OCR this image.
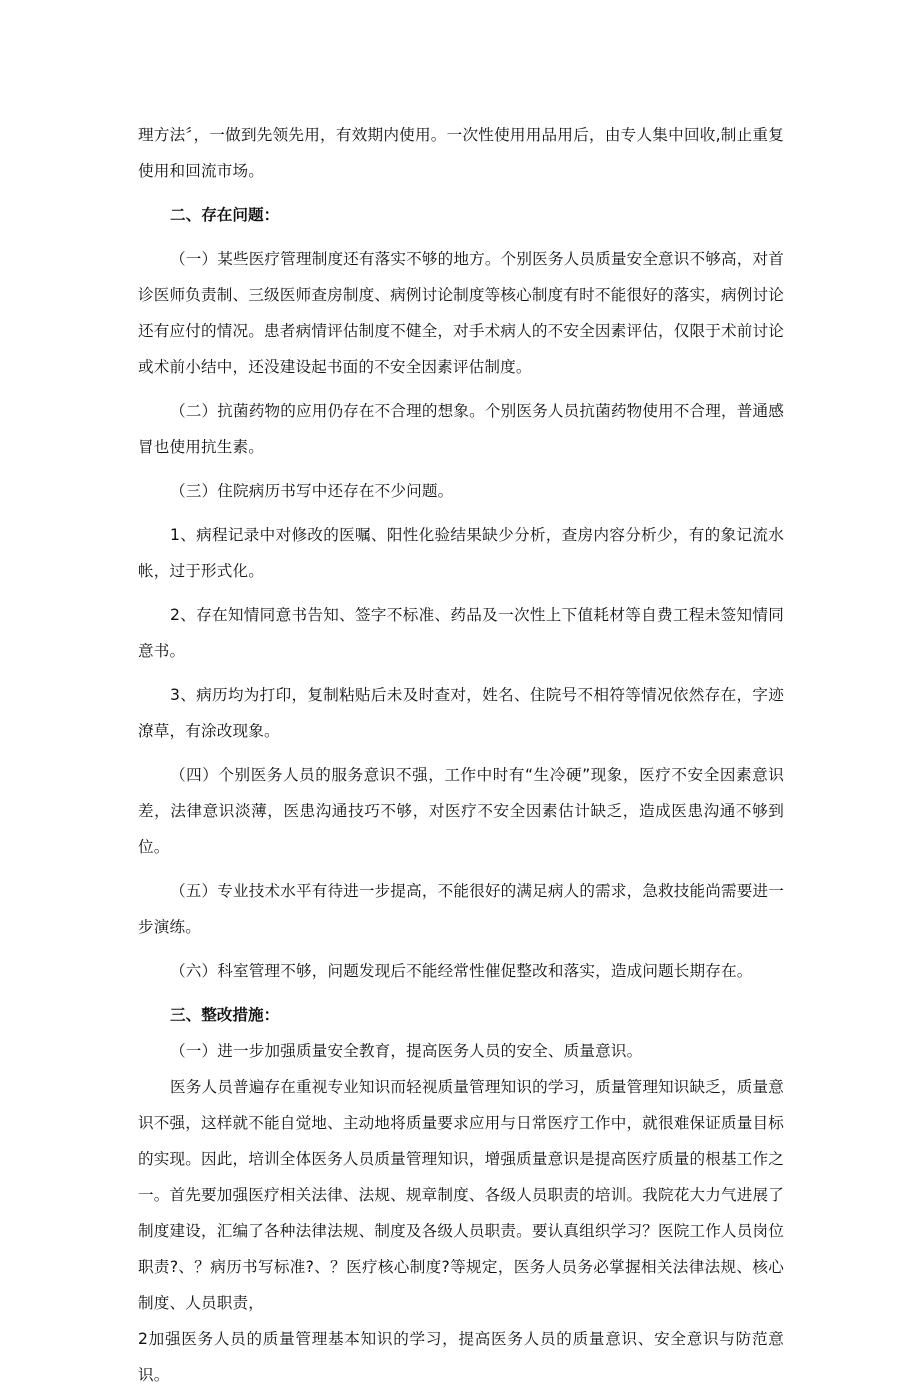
理方法〞，一做到先领先用，有效期内使用。一次性使用用品用后，由专人集中回收,制止重复使用和回流市场。

二、存在问题：

（一）某些医疗管理制度还有落实不够的地方。个别医务人员质量安全意识不够高，对首诊医师负责制、三级医师查房制度、病例讨论制度等核心制度有时不能很好的落实，病例讨论还有应付的情况。患者病情评估制度不健全，对手术病人的不安全因素评估，仅限于术前讨论或术前小结中，还没建设起书面的不安全因素评估制度。

（二）抗菌药物的应用仍存在不合理的想象。个别医务人员抗菌药物使用不合理，普通感冒也使用抗生素。

（三）住院病历书写中还存在不少问题。

1、病程记录中对修改的医嘱、阳性化验结果缺少分析，查房内容分析少，有的象记流水帐，过于形式化。

2、存在知情同意书告知、签字不标准、药品及一次性上下值耗材等自费工程未签知情同意书。

3、病历均为打印，复制粘贴后未及时查对，姓名、住院号不相符等情况依然存在，字迹潦草，有涂改现象。

（四）个别医务人员的服务意识不强，工作中时有“生冷硬”现象，医疗不安全因素意识差，法律意识淡薄，医患沟通技巧不够，对医疗不安全因素估计缺乏，造成医患沟通不够到位。

（五）专业技术水平有待进一步提高，不能很好的满足病人的需求，急救技能尚需要进一步演练。

（六）科室管理不够，问题发现后不能经常性催促整改和落实，造成问题长期存在。

三、整改措施：

（一）进一步加强质量安全教育，提高医务人员的安全、质量意识。

医务人员普遍存在重视专业知识而轻视质量管理知识的学习，质量管理知识缺乏，质量意识不强，这样就不能自觉地、主动地将质量要求应用与日常医疗工作中，就很难保证质量目标的实现。因此，培训全体医务人员质量管理知识，增强质量意识是提高医疗质量的根基工作之一。首先要加强医疗相关法律、法规、规章制度、各级人员职责的培训。我院花大力气进展了制度建设，汇编了各种法律法规、制度及各级人员职责。要认真组织学习？医院工作人员岗位职责?、？病历书写标准?、？医疗核心制度?等规定，医务人员务必掌握相关法律法规、核心制度、人员职责，

2加强医务人员的质量管理基本知识的学习，提高医务人员的质量意识、安全意识与防范意识。
